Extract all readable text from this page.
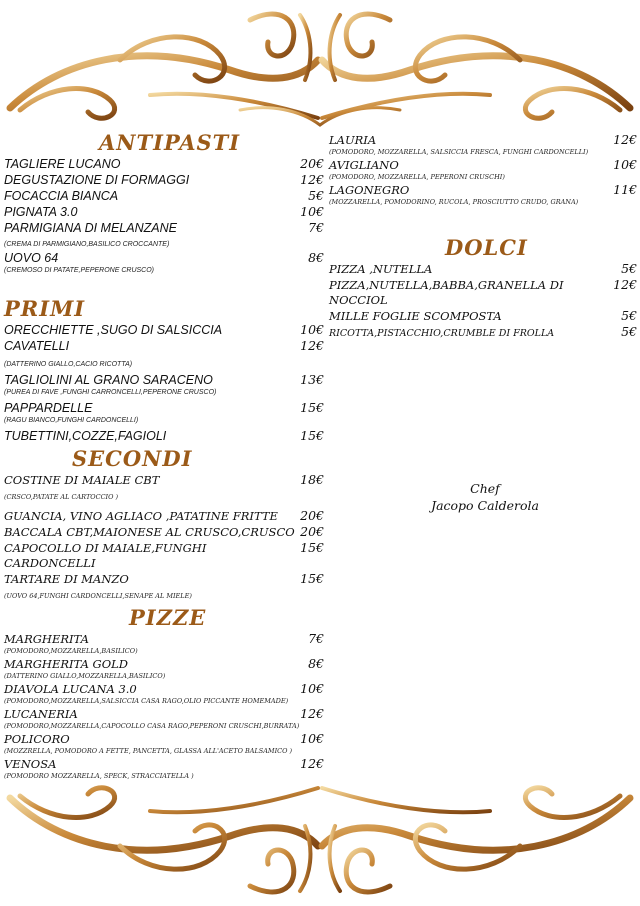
ANTIPASTI
TAGLIERE LUCANO	20€
DEGUSTAZIONE DI FORMAGGI	12€
FOCACCIA BIANCA	5€
PIGNATA 3.0	10€
PARMIGIANA DI MELANZANE	7€
(CREMA DI PARMIGIANO,BASILICO CROCCANTE)
UOVO 64	8€
(CREMOSO DI PATATE,PEPERONE CRUSCO)
PRIMI
ORECCHIETTE ,SUGO DI SALSICCIA	10€
CAVATELLI	12€
(DATTERINO GIALLO,CACIO RICOTTA)
TAGLIOLINI AL GRANO SARACENO	13€
(PUREA DI FAVE ,FUNGHI CARRONCELLI,PEPERONE CRUSCO)
PAPPARDELLE	15€
(RAGU BIANCO,FUNGHI CARDONCELLI)
TUBETTINI,COZZE,FAGIOLI	15€
SECONDI
COSTINE DI MAIALE CBT	18€
(CRSCO,PATATE AL CARTOCCIO )
GUANCIA, VINO AGLIACO ,PATATINE FRITTE 20€
BACCALA CBT,MAIONESE AL CRUSCO,CRUSCO 20€
CAPOCOLLO DI MAIALE,FUNGHI CARDONCELLI
15€
TARTARE DI MANZO	15€
(UOVO 64,FUNGHI CARDONCELLI,SENAPE AL MIELE)
PIZZE
MARGHERITA	7€
(POMODORO,MOZZARELLA,BASILICO)
MARGHERITA GOLD	8€
(DATTERINO GIALLO,MOZZARELLA,BASILICO)
DIAVOLA LUCANA 3.0	10€
(POMODORO,MOZZARELLA,SALSICCIA CASA RAGO,OLIO PICCANTE HOMEMADE)
LUCANERIA	12€
(POMODORO,MOZZARELLA,CAPOCOLLO CASA RAGO,PEPERONI CRUSCHI,BURRATA)
POLICORO	10€
(MOZZRELLA, POMODORO A FETTE, PANCETTA, GLASSA ALL'ACETO BALSAMICO )
VENOSA	12€
(POMODORO MOZZARELLA, SPECK, STRACCIATELLA )
LAURIA	12€
(POMODORO, MOZZARELLA, SALSICCIA FRESCA, FUNGHI CARDONCELLI)
AVIGLIANO	10€
(POMODORO, MOZZARELLA, PEPERONI CRUSCHI)
LAGONEGRO	11€
(MOZZARELLA, POMODORINO, RUCOLA, PROSCIUTTO CRUDO, GRANA)
DOLCI
PIZZA ,NUTELLA	5€
PIZZA,NUTELLA,BABBA,GRANELLA DI NOCCIOL
12€
MILLE FOGLIE SCOMPOSTA	5€
RICOTTA,PISTACCHIO,CRUMBLE DI FROLLA	5€
Chef
Jacopo Calderola
